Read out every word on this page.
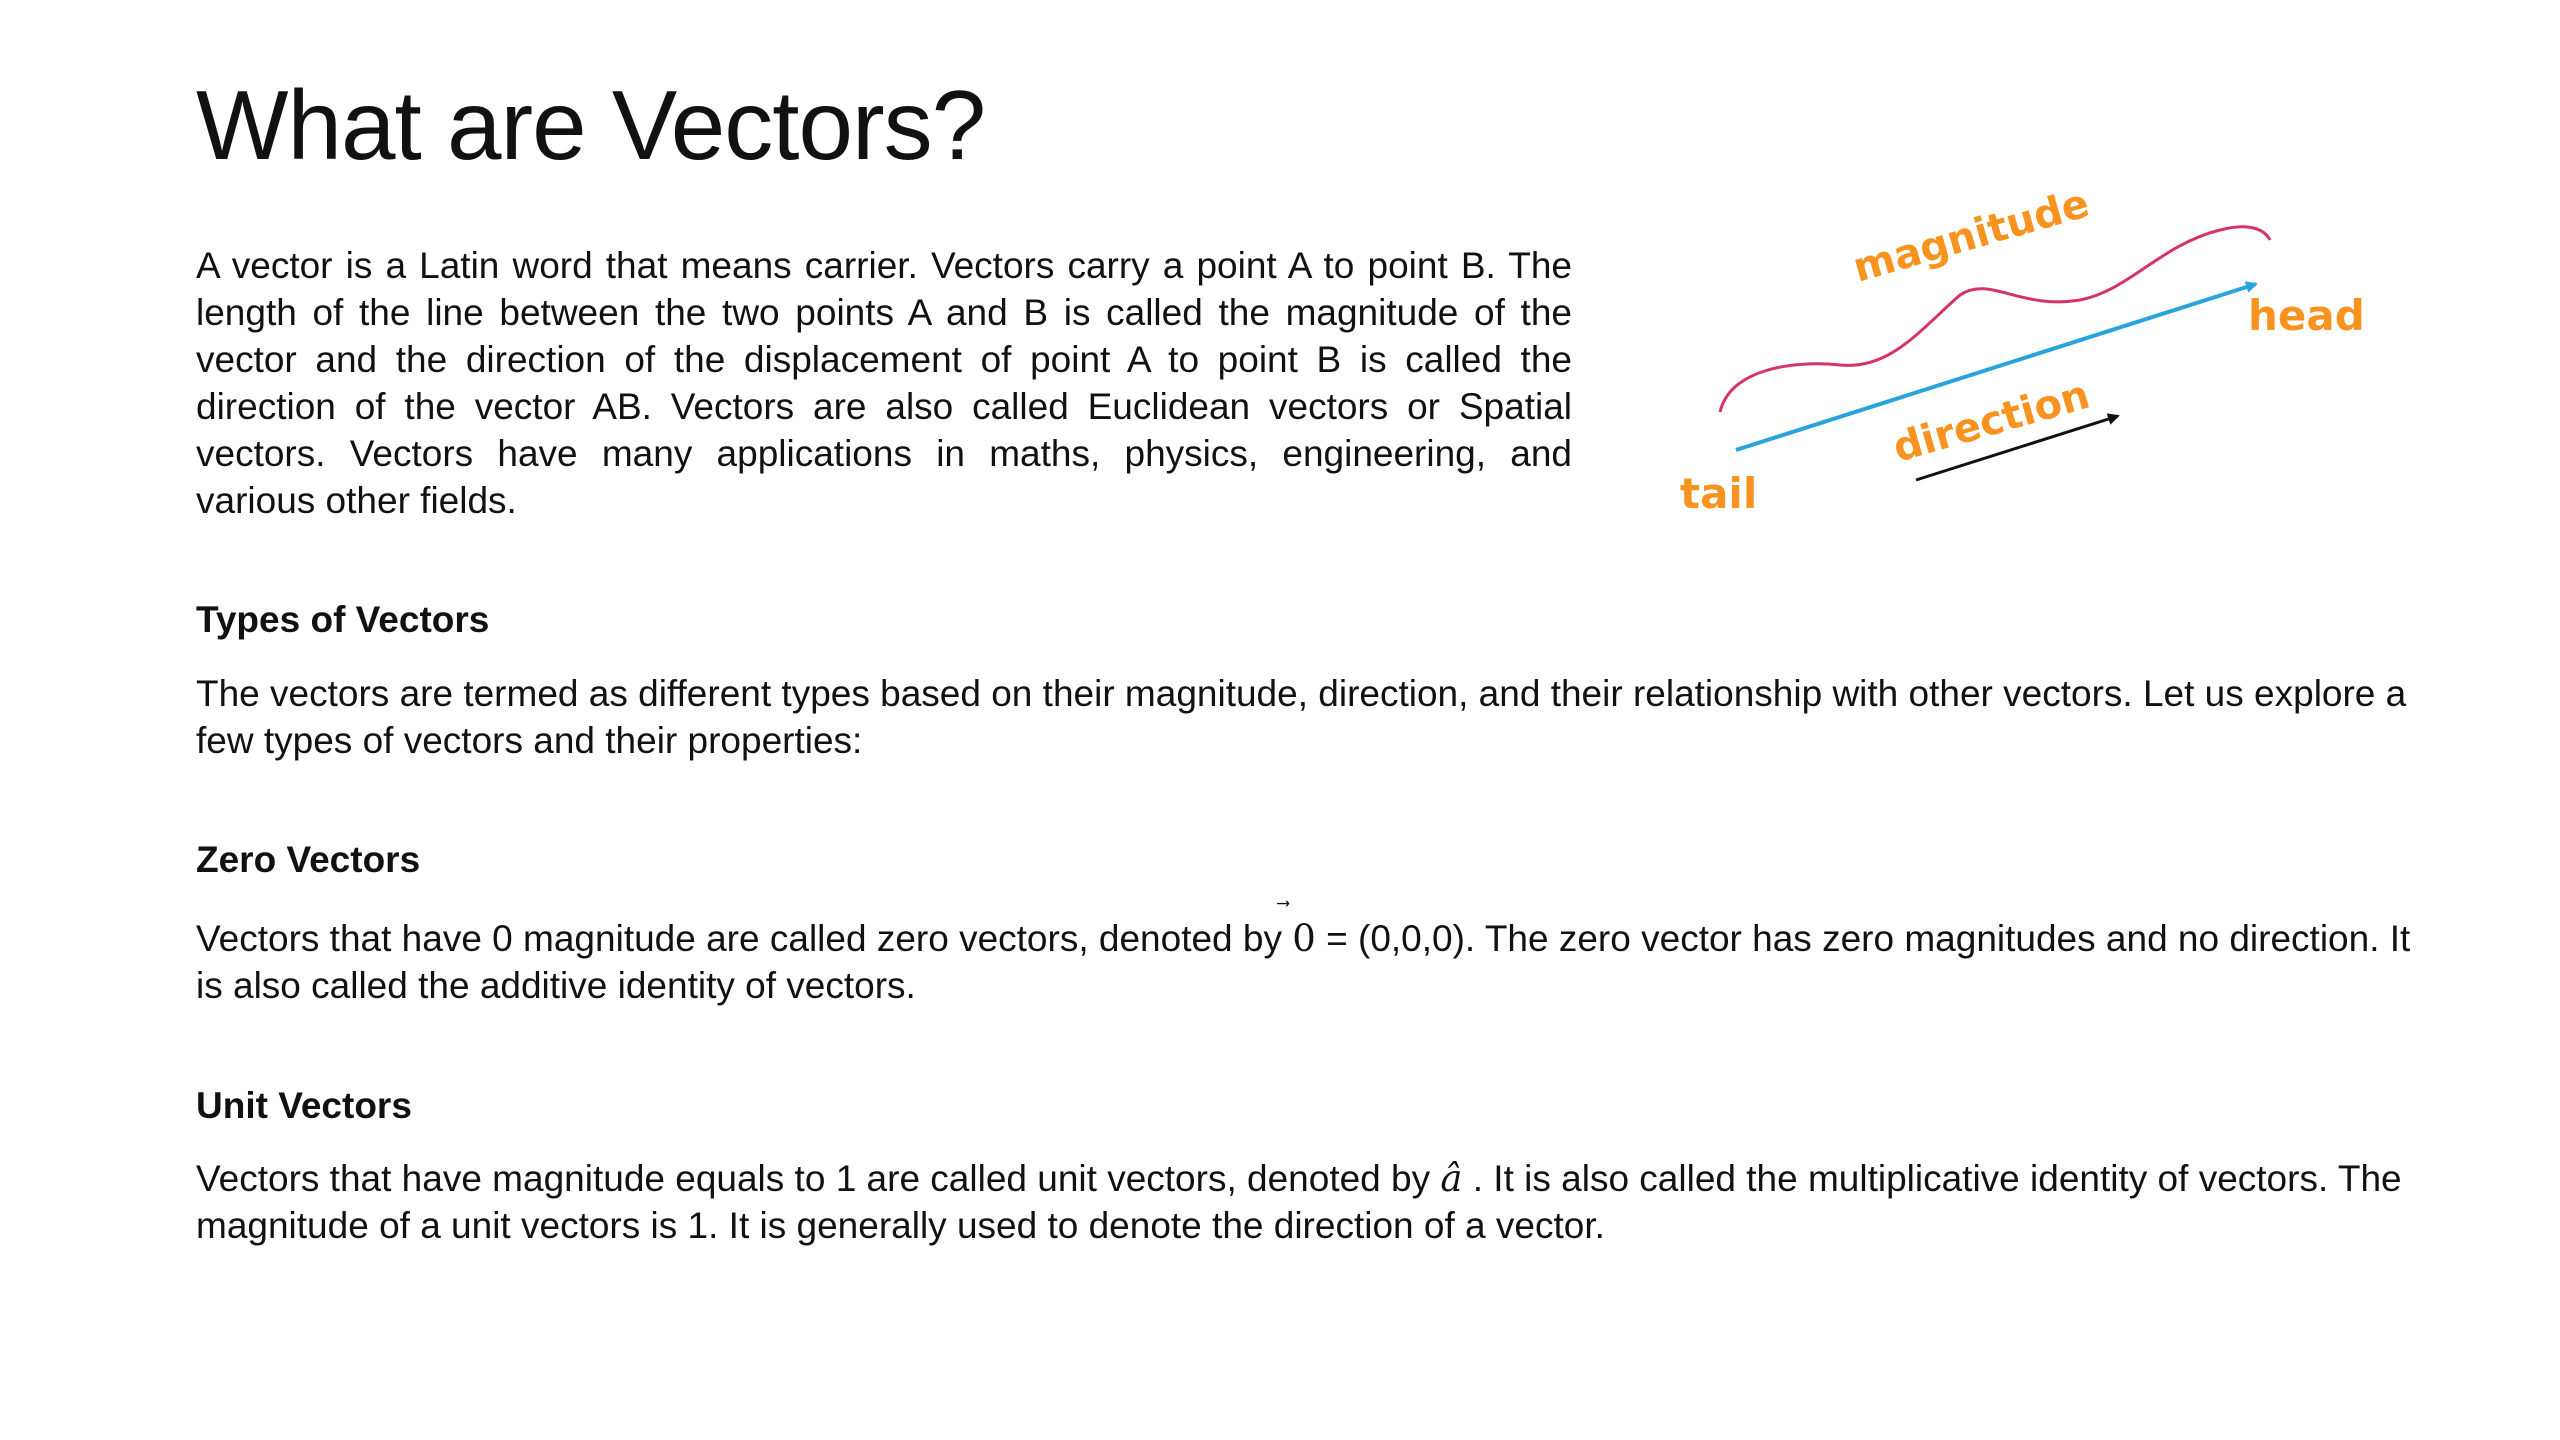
What are Vectors?

A vector is a Latin word that means carrier. Vectors carry a point A to point B. The length of the line between the two points A and B is called the magnitude of the vector and the direction of the displacement of point A to point B is called the direction of the vector AB. Vectors are also called Euclidean vectors or Spatial vectors. Vectors have many applications in maths, physics, engineering, and various other fields.

magnitude
head
direction
tail
Types of Vectors

The vectors are termed as different types based on their magnitude, direction, and their relationship with other vectors. Let us explore a few types of vectors and their properties:

Zero Vectors

Vectors that have 0 magnitude are called zero vectors, denoted by
0 = (0,0,0). The zero vector has zero magnitudes and no direction. It is also called the additive identity of vectors.

Unit Vectors

Vectors that have magnitude equals to 1 are called unit vectors, denoted by â . It is also called the multiplicative identity of vectors. The magnitude of a unit vectors is 1. It is generally used to denote the direction of a vector.
